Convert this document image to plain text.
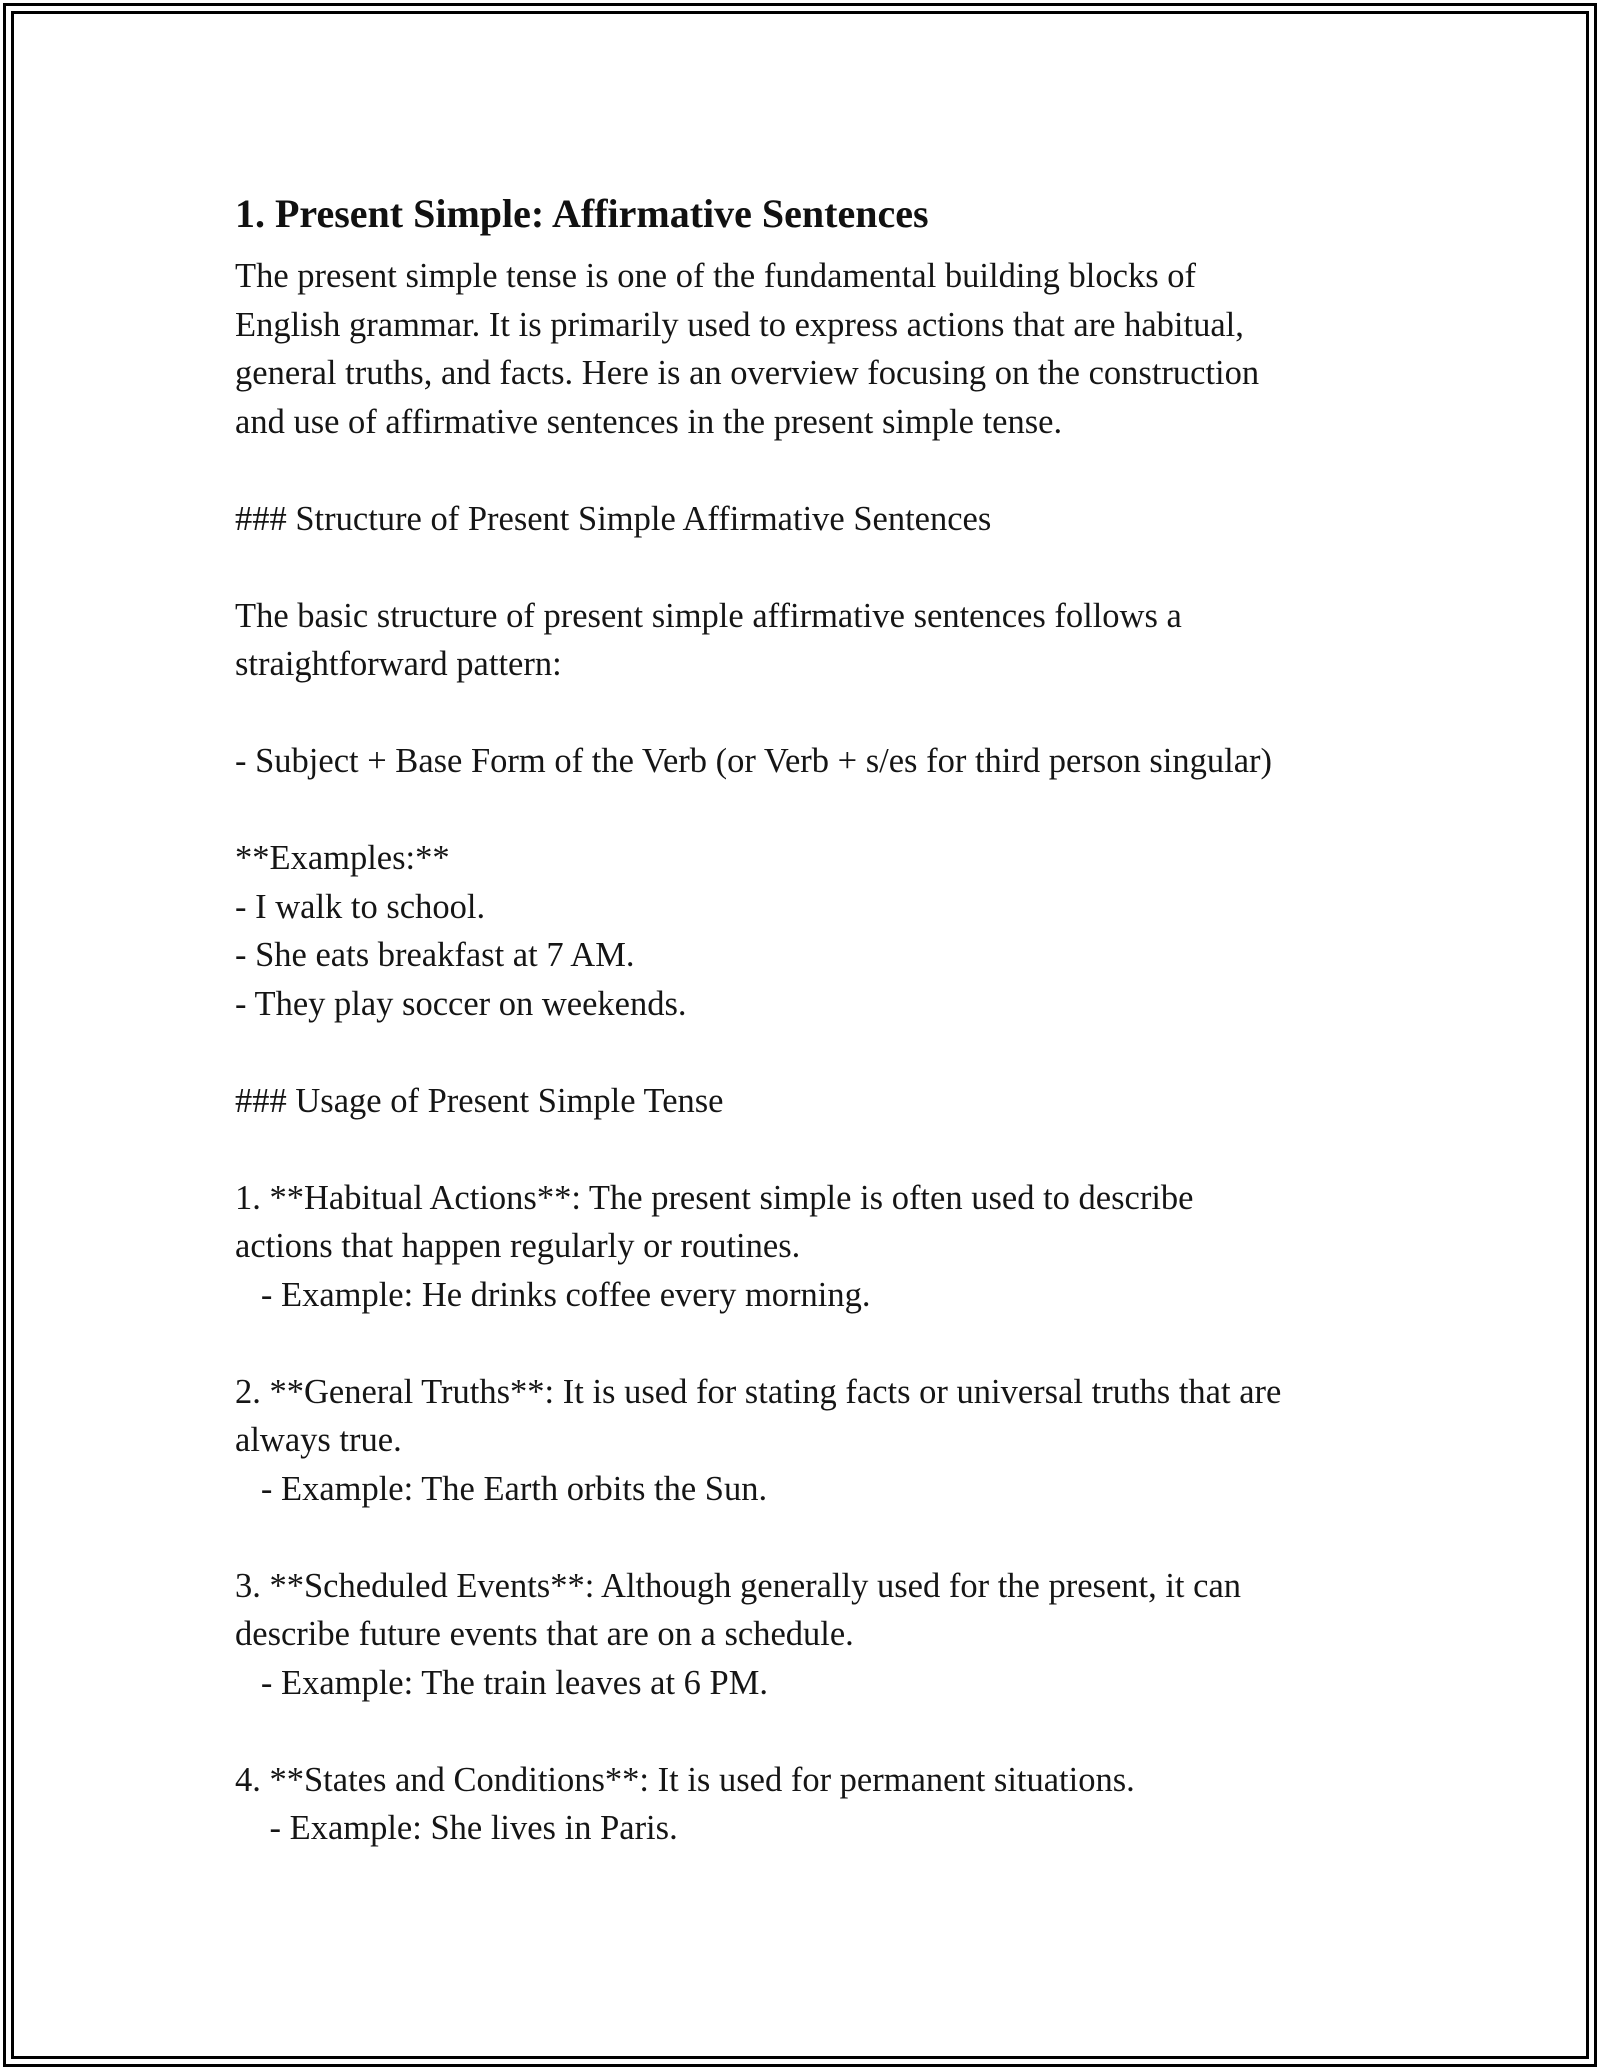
1. Present Simple: Affirmative Sentences
The present simple tense is one of the fundamental building blocks of
English grammar. It is primarily used to express actions that are habitual,
general truths, and facts. Here is an overview focusing on the construction
and use of affirmative sentences in the present simple tense.
### Structure of Present Simple Affirmative Sentences
The basic structure of present simple affirmative sentences follows a
straightforward pattern:
- Subject + Base Form of the Verb (or Verb + s/es for third person singular)
**Examples:**
- I walk to school.
- She eats breakfast at 7 AM.
- They play soccer on weekends.
### Usage of Present Simple Tense
1. **Habitual Actions**: The present simple is often used to describe
actions that happen regularly or routines.
- Example: He drinks coffee every morning.
2. **General Truths**: It is used for stating facts or universal truths that are
always true.
- Example: The Earth orbits the Sun.
3. **Scheduled Events**: Although generally used for the present, it can
describe future events that are on a schedule.
- Example: The train leaves at 6 PM.
4. **States and Conditions**: It is used for permanent situations.
- Example: She lives in Paris.
